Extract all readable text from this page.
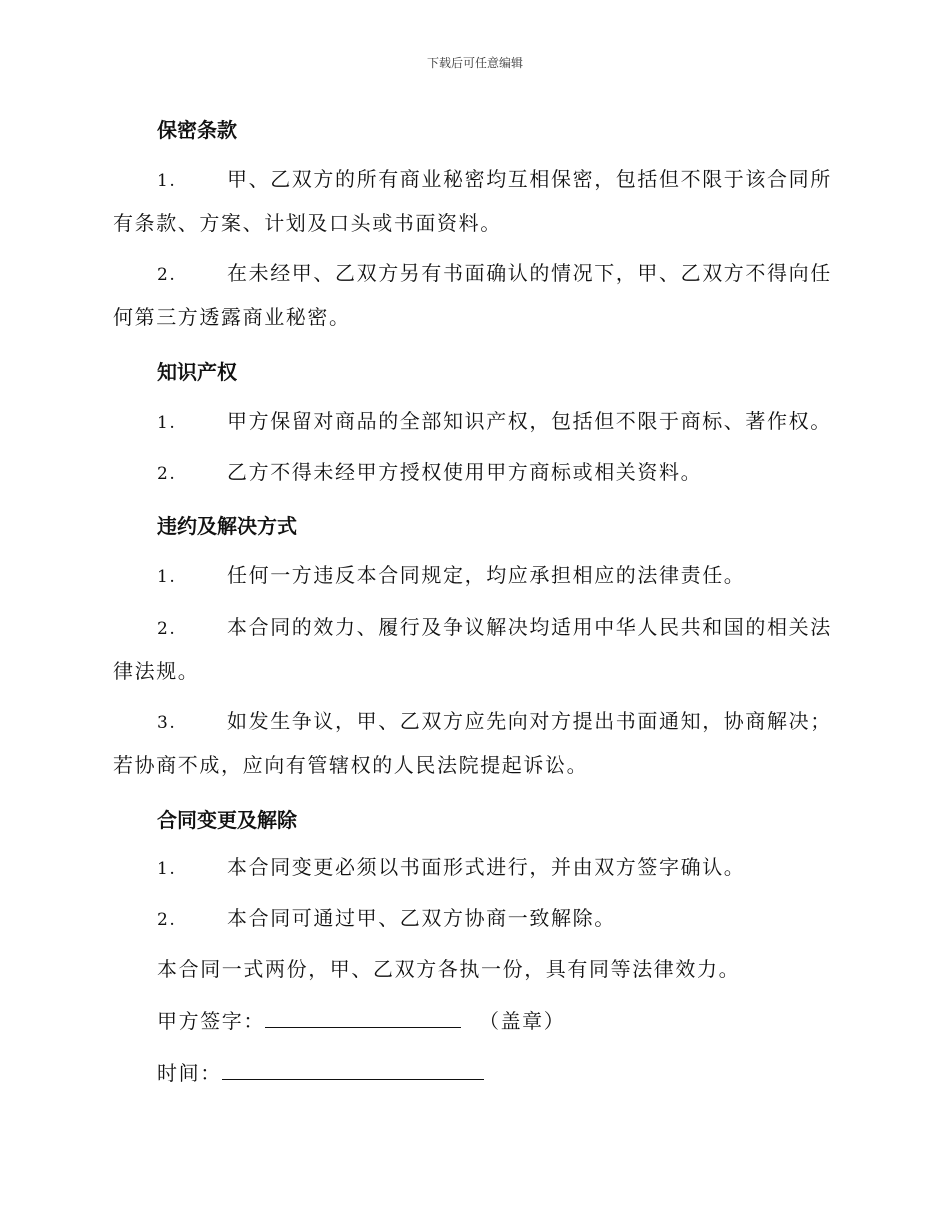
下载后可任意编辑
保密条款
1.	甲、乙双方的所有商业秘密均互相保密，包括但不限于该合同所有条款、方案、计划及口头或书面资料。
2.	在未经甲、乙双方另有书面确认的情况下，甲、乙双方不得向任何第三方透露商业秘密。
知识产权
1.	甲方保留对商品的全部知识产权，包括但不限于商标、著作权。
2.	乙方不得未经甲方授权使用甲方商标或相关资料。
违约及解决方式
1.	任何一方违反本合同规定，均应承担相应的法律责任。
2.	本合同的效力、履行及争议解决均适用中华人民共和国的相关法律法规。
3.	如发生争议，甲、乙双方应先向对方提出书面通知，协商解决；若协商不成，应向有管辖权的人民法院提起诉讼。
合同变更及解除
1.	本合同变更必须以书面形式进行，并由双方签字确认。
2.	本合同可通过甲、乙双方协商一致解除。
本合同一式两份，甲、乙双方各执一份，具有同等法律效力。
甲方签字：	（盖章）
时间：
